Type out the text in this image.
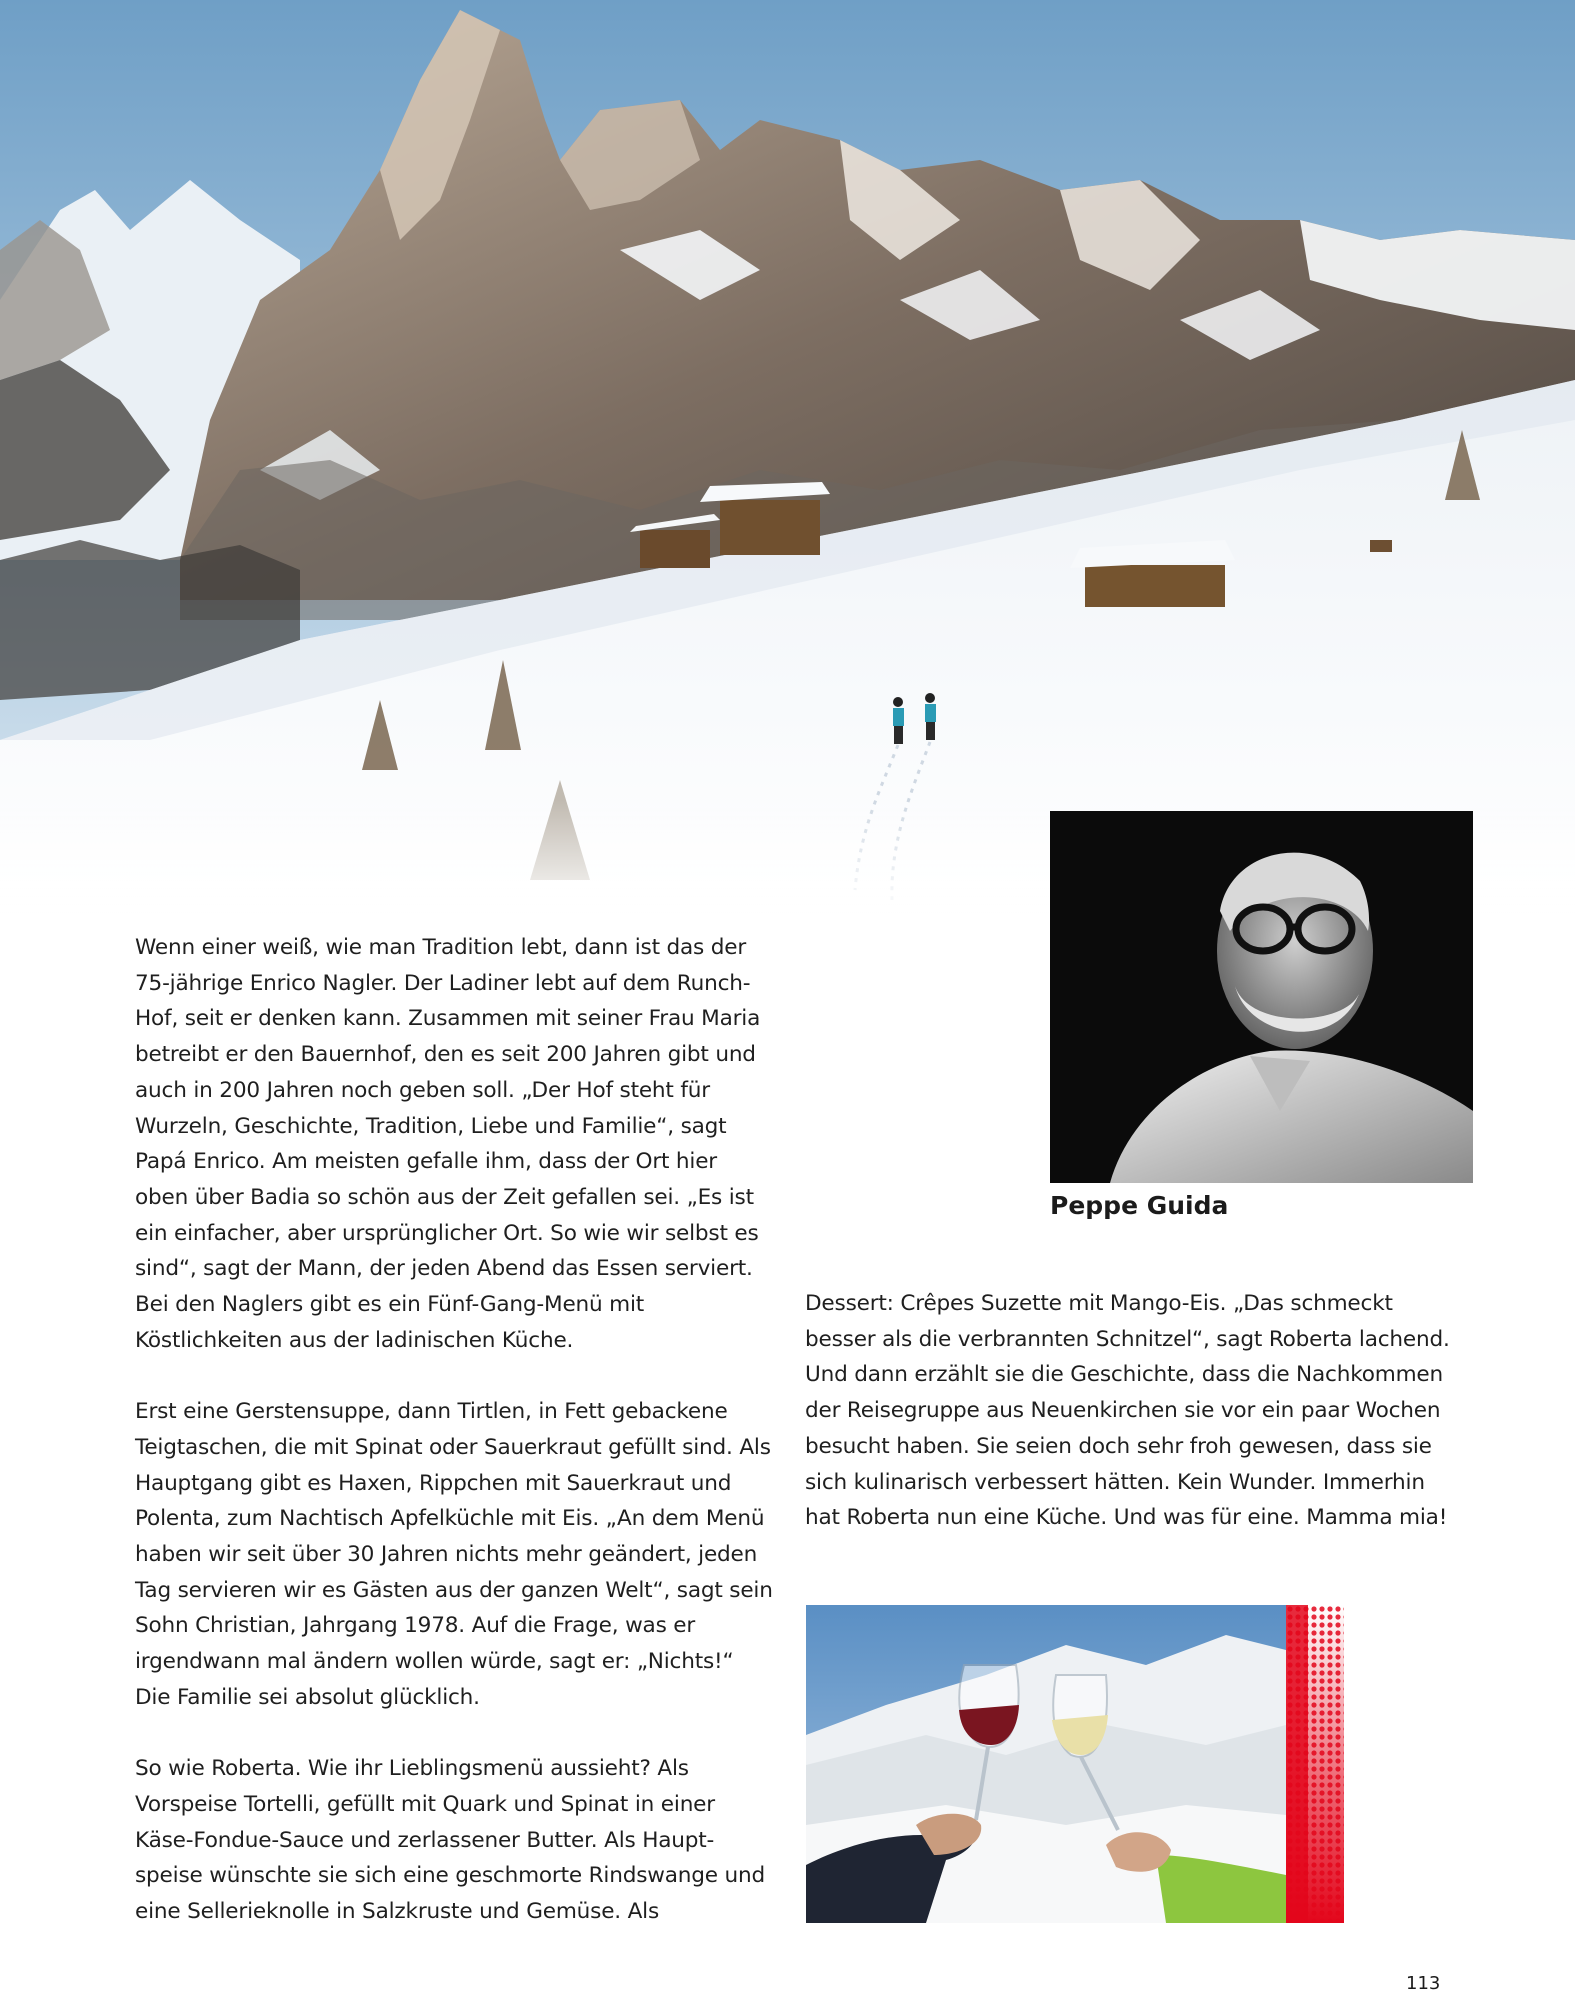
Wenn einer weiß, wie man Tradition lebt, dann ist das der 75-jährige Enrico Nagler. Der Ladiner lebt auf dem Runch-Hof, seit er denken kann. Zusammen mit seiner Frau Maria betreibt er den Bauernhof, den es seit 200 Jahren gibt und auch in 200 Jahren noch geben soll. „Der Hof steht für Wurzeln, Geschichte, Tradition, Liebe und Familie“, sagt Papá Enrico. Am meisten gefalle ihm, dass der Ort hier oben über Badia so schön aus der Zeit gefallen sei. „Es ist ein einfacher, aber ursprünglicher Ort. So wie wir selbst es sind“, sagt der Mann, der jeden Abend das Essen serviert. Bei den Naglers gibt es ein Fünf-Gang-Menü mit Köstlichkeiten aus der ladinischen Küche.

Erst eine Gerstensuppe, dann Tirtlen, in Fett gebackene Teigtaschen, die mit Spinat oder Sauerkraut gefüllt sind. Als Hauptgang gibt es Haxen, Rippchen mit Sauerkraut und Polenta, zum Nachtisch Apfelküchle mit Eis. „An dem Menü haben wir seit über 30 Jahren nichts mehr geändert, jeden Tag servieren wir es Gästen aus der ganzen Welt“, sagt sein Sohn Christian, Jahrgang 1978. Auf die Frage, was er irgendwann mal ändern wollen würde, sagt er: „Nichts!“ Die Familie sei absolut glücklich.

So wie Roberta. Wie ihr Lieblingsmenü aussieht? Als Vorspeise Tortelli, gefüllt mit Quark und Spinat in einer Käse-Fondue-Sauce und zerlassener Butter. Als Haupt-speise wünschte sie sich eine geschmorte Rindswange und eine Sellerieknolle in Salzkruste und Gemüse. Als

Peppe Guida

Dessert: Crêpes Suzette mit Mango-Eis. „Das schmeckt besser als die verbrannten Schnitzel“, sagt Roberta lachend. Und dann erzählt sie die Geschichte, dass die Nachkommen der Reisegruppe aus Neuenkirchen sie vor ein paar Wochen besucht haben. Sie seien doch sehr froh gewesen, dass sie sich kulinarisch verbessert hätten. Kein Wunder. Immerhin hat Roberta nun eine Küche. Und was für eine. Mamma mia!

113
